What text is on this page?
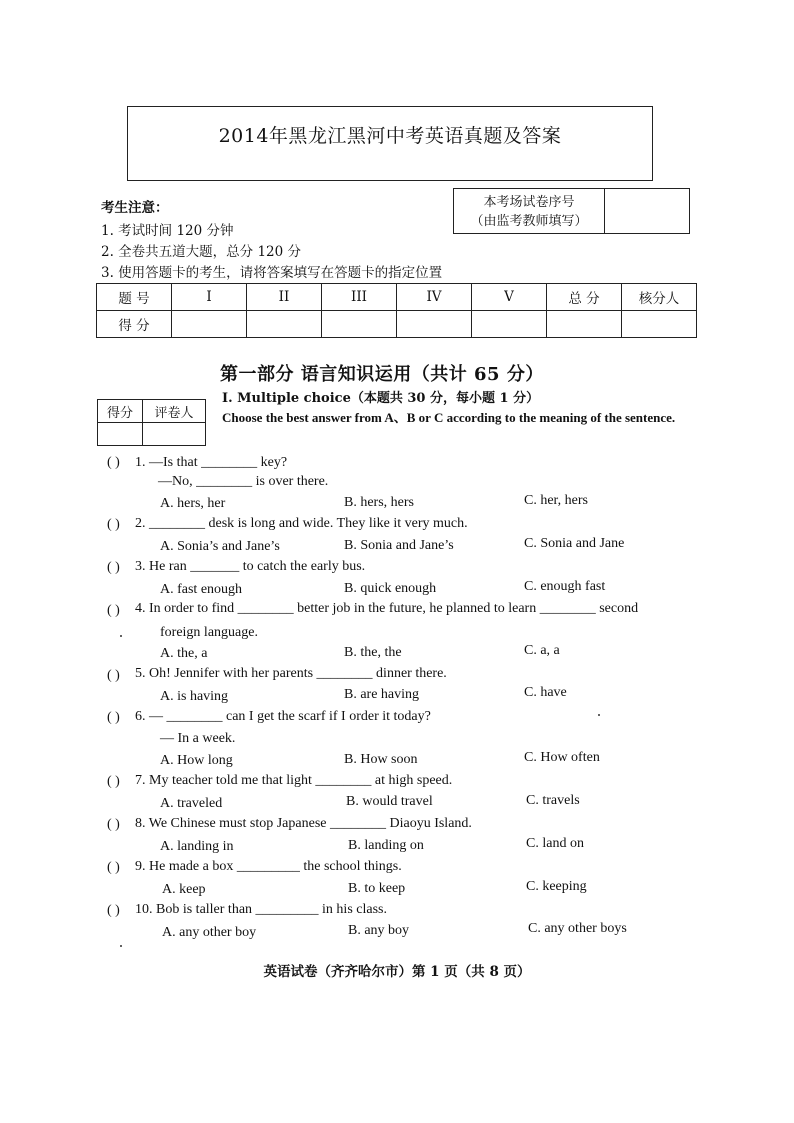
2014年黑龙江黑河中考英语真题及答案
考生注意：
1. 考试时间 120 分钟
2. 全卷共五道大题，总分 120 分
3. 使用答题卡的考生，请将答案填写在答题卡的指定位置
本考场试卷序号
（由监考教师填写）

题 号	I	II	III	IV	V	总 分	核分人
得 分							
第一部分 语言知识运用（共计 65 分）
得分	评卷人

I. Multiple choice（本题共 30 分，每小题 1 分）
Choose the best answer from A、B or C according to the meaning of the sentence.
( ) 1. —Is that ________ key?
—No, ________ is over there.
A. hers, her	B. hers, hers	C. her, hers
( ) 2. ________ desk is long and wide. They like it very much.
A. Sonia’s and Jane’s	B. Sonia and Jane’s	C. Sonia and Jane
( ) 3. He ran _______ to catch the early bus.
A. fast enough	B. quick enough	C. enough fast
( ) 4. In order to find ________ better job in the future, he planned to learn ________ second
foreign language.
A. the, a	B. the, the	C. a, a
( ) 5. Oh! Jennifer with her parents ________ dinner there.
A. is having	B. are having	C. have
( ) 6. — ________ can I get the scarf if I order it today?
— In a week.
A. How long	B. How soon	C. How often
( ) 7. My teacher told me that light ________ at high speed.
A. traveled	B. would travel	C. travels
( ) 8. We Chinese must stop Japanese ________ Diaoyu Island.
A. landing in	B. landing on	C. land on
( ) 9. He made a box _________ the school things.
A. keep	B. to keep	C. keeping
( ) 10. Bob is taller than _________ in his class.
A. any other boy	B. any boy	C. any other boys
英语试卷（齐齐哈尔市）第 1 页（共 8 页）
